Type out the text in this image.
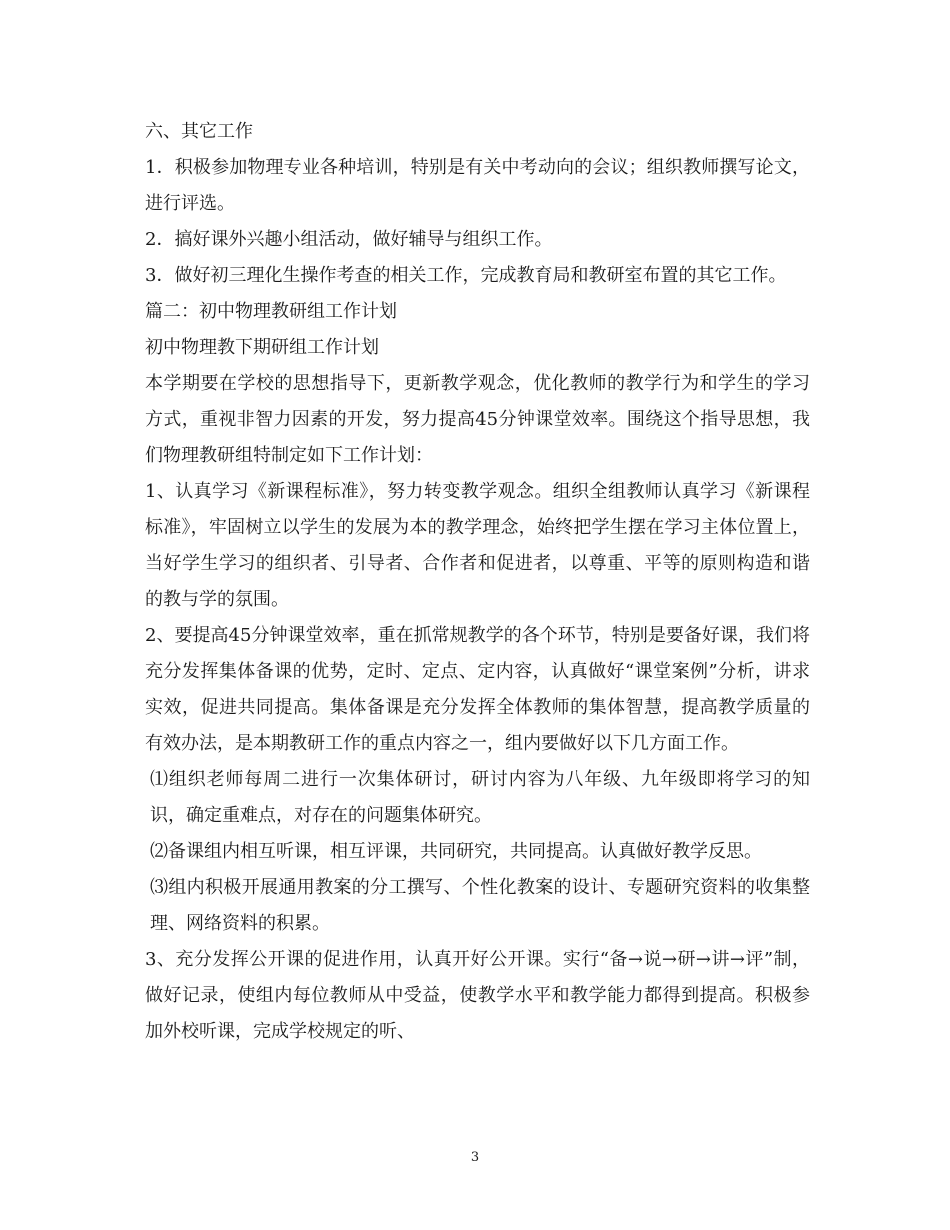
六、其它工作

1．积极参加物理专业各种培训，特别是有关中考动向的会议；组织教师撰写论文，进行评选。

2．搞好课外兴趣小组活动，做好辅导与组织工作。

3．做好初三理化生操作考查的相关工作，完成教育局和教研室布置的其它工作。

篇二：初中物理教研组工作计划

初中物理教下期研组工作计划

本学期要在学校的思想指导下，更新教学观念，优化教师的教学行为和学生的学习方式，重视非智力因素的开发，努力提高45分钟课堂效率。围绕这个指导思想，我们物理教研组特制定如下工作计划：

1、认真学习《新课程标准》，努力转变教学观念。组织全组教师认真学习《新课程标准》，牢固树立以学生的发展为本的教学理念，始终把学生摆在学习主体位置上，当好学生学习的组织者、引导者、合作者和促进者，以尊重、平等的原则构造和谐的教与学的氛围。

2、要提高45分钟课堂效率，重在抓常规教学的各个环节，特别是要备好课，我们将充分发挥集体备课的优势，定时、定点、定内容，认真做好“课堂案例”分析，讲求实效，促进共同提高。集体备课是充分发挥全体教师的集体智慧，提高教学质量的有效办法，是本期教研工作的重点内容之一，组内要做好以下几方面工作。

⑴组织老师每周二进行一次集体研讨，研讨内容为八年级、九年级即将学习的知识，确定重难点，对存在的问题集体研究。

⑵备课组内相互听课，相互评课，共同研究，共同提高。认真做好教学反思。

⑶组内积极开展通用教案的分工撰写、个性化教案的设计、专题研究资料的收集整理、网络资料的积累。

3、充分发挥公开课的促进作用，认真开好公开课。实行“备→说→研→讲→评”制，做好记录，使组内每位教师从中受益，使教学水平和教学能力都得到提高。积极参加外校听课，完成学校规定的听、

3
